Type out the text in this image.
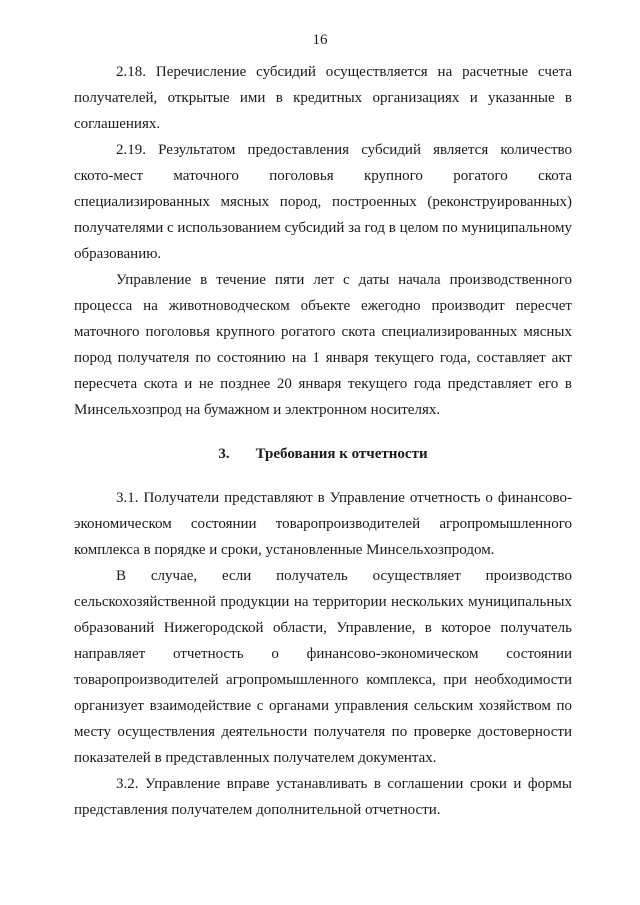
16

2.18. Перечисление субсидий осуществляется на расчетные счета получателей, открытые ими в кредитных организациях и указанные в соглашениях.

2.19. Результатом предоставления субсидий является количество ското-мест маточного поголовья крупного рогатого скота специализированных мясных пород, построенных (реконструированных) получателями с использованием субсидий за год в целом по муниципальному образованию.

Управление в течение пяти лет с даты начала производственного процесса на животноводческом объекте ежегодно производит пересчет маточного поголовья крупного рогатого скота специализированных мясных пород получателя по состоянию на 1 января текущего года, составляет акт пересчета скота и не позднее 20 января текущего года представляет его в Минсельхозпрод на бумажном и электронном носителях.

3. Требования к отчетности

3.1. Получатели представляют в Управление отчетность о финансово-экономическом состоянии товаропроизводителей агропромышленного комплекса в порядке и сроки, установленные Минсельхозпродом.

В случае, если получатель осуществляет производство сельскохозяйственной продукции на территории нескольких муниципальных образований Нижегородской области, Управление, в которое получатель направляет отчетность о финансово-экономическом состоянии товаропроизводителей агропромышленного комплекса, при необходимости организует взаимодействие с органами управления сельским хозяйством по месту осуществления деятельности получателя по проверке достоверности показателей в представленных получателем документах.

3.2. Управление вправе устанавливать в соглашении сроки и формы представления получателем дополнительной отчетности.
